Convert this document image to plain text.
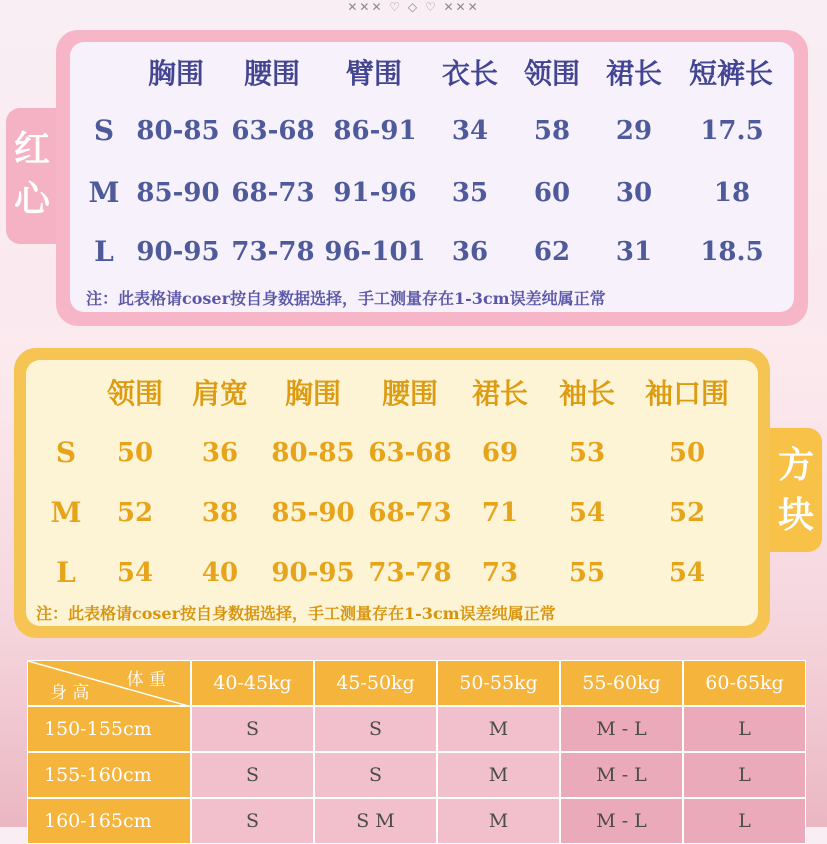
✕✕✕ ♡ ◇ ♡ ✕✕✕
红
心
胸围 腰围 臂围 衣长 领围 裙长 短裤长
S 80-85 63-68 86-91 34 58 29 17.5
M 85-90 68-73 91-96 35 60 30 18
L 90-95 73-78 96-101 36 62 31 18.5
注：此表格请coser按自身数据选择，手工测量存在1-3cm误差纯属正常
方
块
领围 肩宽 胸围 腰围 裙长 袖长 袖口围
S 50 36 80-85 63-68 69 53 50
M 52 38 85-90 68-73 71 54 52
L 54 40 90-95 73-78 73 55 54
注：此表格请coser按自身数据选择，手工测量存在1-3cm误差纯属正常
体 重
身 高	40-45kg	45-50kg	50-55kg	55-60kg	60-65kg
150-155cm	S	S	M	M - L	L
155-160cm	S	S	M	M - L	L
160-165cm	S	S M	M	M - L	L
